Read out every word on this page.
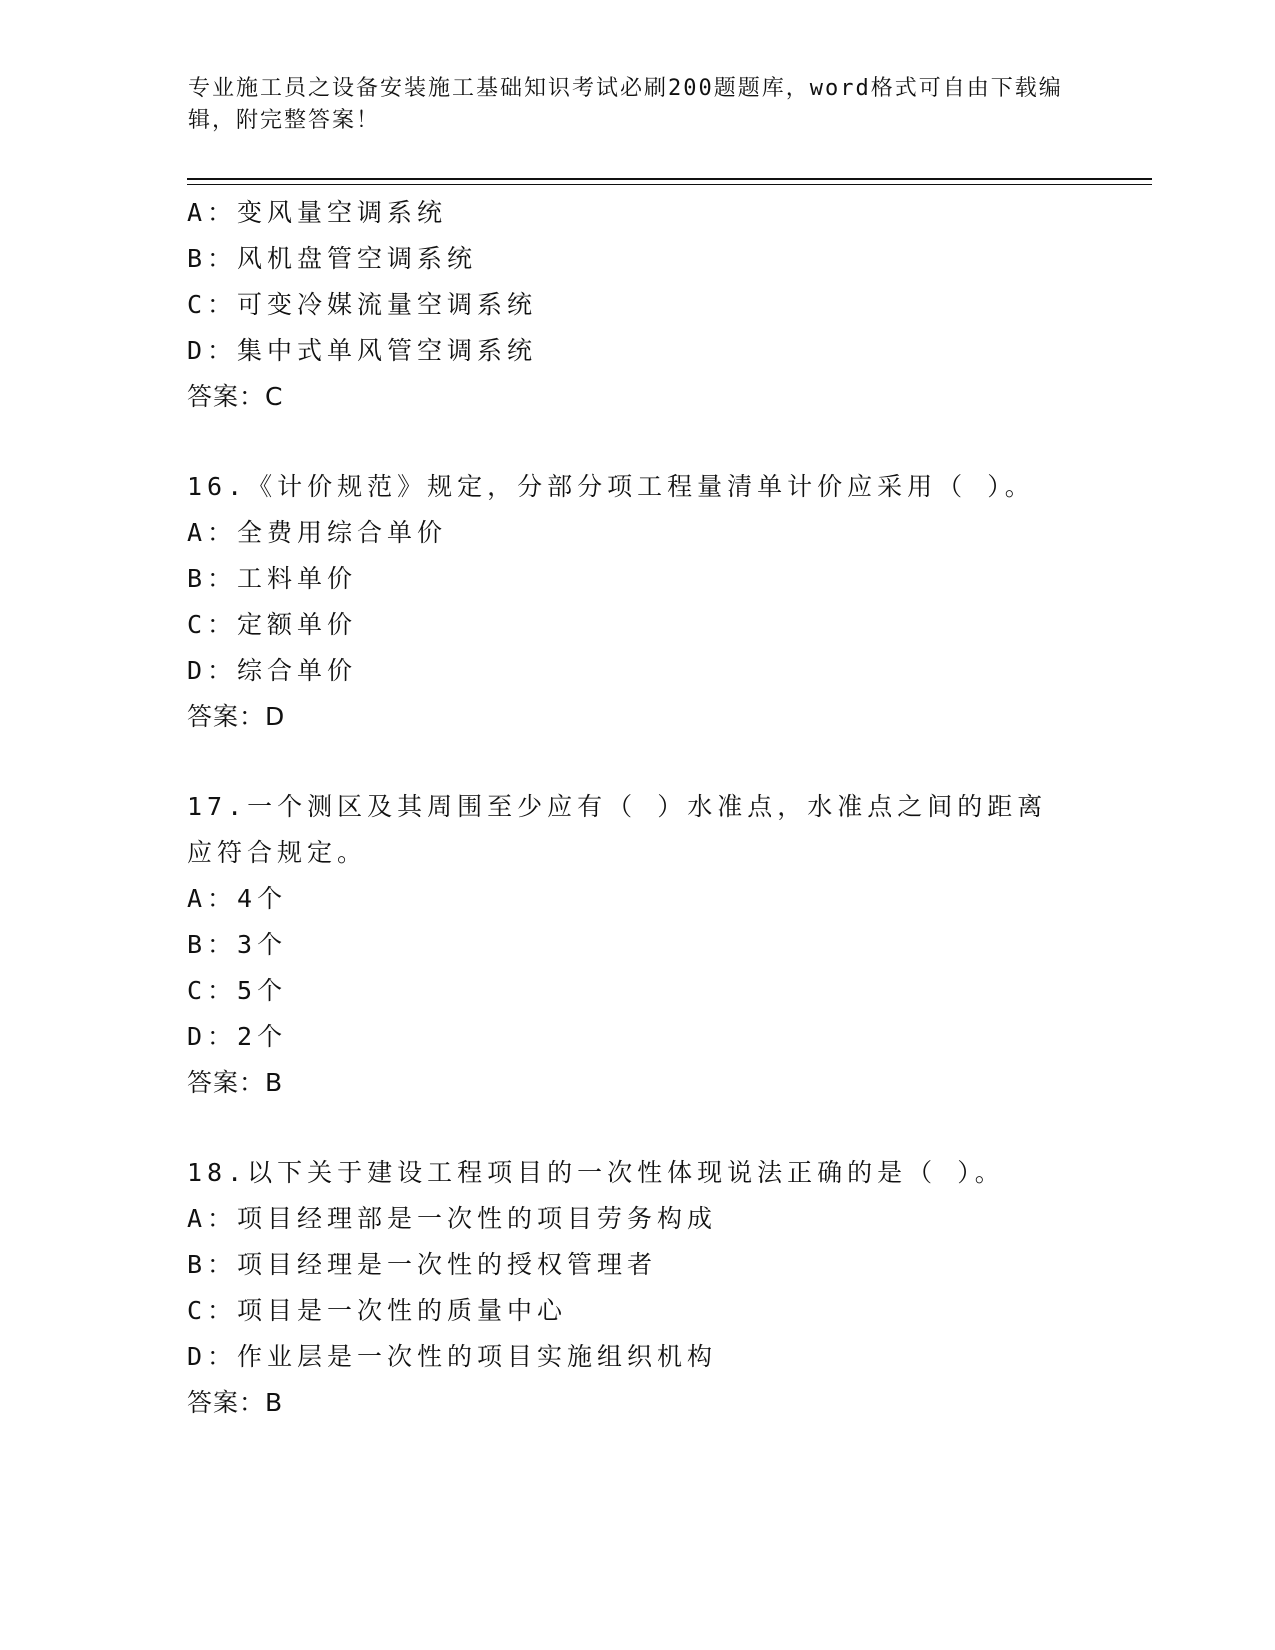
专业施工员之设备安装施工基础知识考试必刷200题题库，word格式可自由下载编辑，附完整答案！
A：变风量空调系统
B：风机盘管空调系统
C：可变冷媒流量空调系统
D：集中式单风管空调系统
答案：C
16.《计价规范》规定，分部分项工程量清单计价应采用（ ）。
A：全费用综合单价
B：工料单价
C：定额单价
D：综合单价
答案：D
17.一个测区及其周围至少应有（ ）水准点，水准点之间的距离应符合规定。
A：4个
B：3个
C：5个
D：2个
答案：B
18.以下关于建设工程项目的一次性体现说法正确的是（ ）。
A：项目经理部是一次性的项目劳务构成
B：项目经理是一次性的授权管理者
C：项目是一次性的质量中心
D：作业层是一次性的项目实施组织机构
答案：B
